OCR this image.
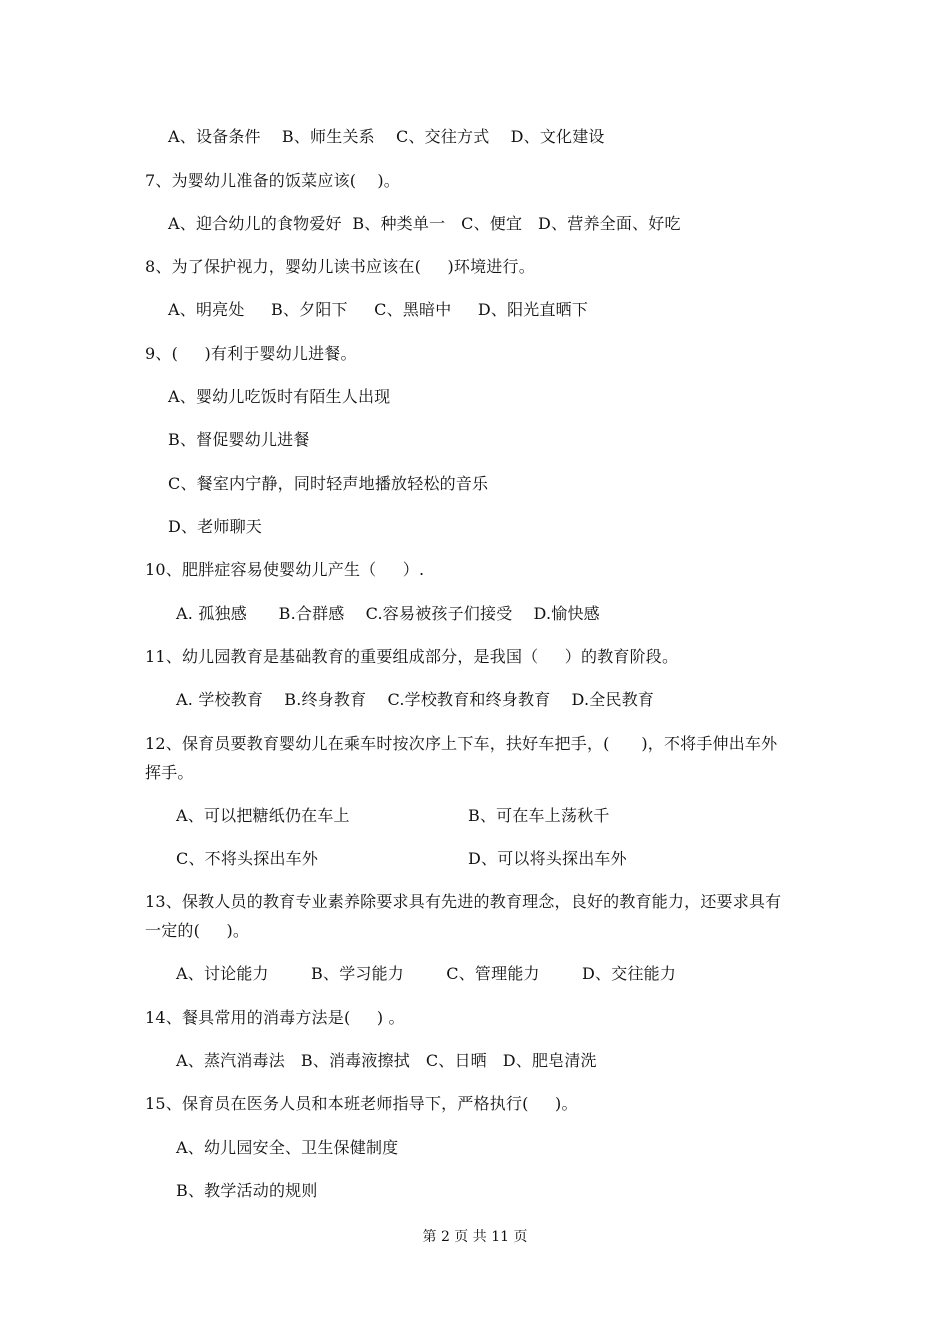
A、设备条件    B、师生关系    C、交往方式    D、文化建设
7、为婴幼儿准备的饭菜应该(    )。
A、迎合幼儿的食物爱好  B、种类单一   C、便宜   D、营养全面、好吃
8、为了保护视力，婴幼儿读书应该在(     )环境进行。
A、明亮处     B、夕阳下     C、黑暗中     D、阳光直晒下
9、(     )有利于婴幼儿进餐。
A、婴幼儿吃饭时有陌生人出现
B、督促婴幼儿进餐
C、餐室内宁静，同时轻声地播放轻松的音乐
D、老师聊天
10、肥胖症容易使婴幼儿产生（     ）.
A. 孤独感      B.合群感    C.容易被孩子们接受    D.愉快感
11、幼儿园教育是基础教育的重要组成部分，是我国（     ）的教育阶段。
A. 学校教育    B.终身教育    C.学校教育和终身教育    D.全民教育
12、保育员要教育婴幼儿在乘车时按次序上下车，扶好车把手，(      )，不将手伸出车外
挥手。
A、可以把糖纸仍在车上	B、可在车上荡秋千
C、不将头探出车外	D、可以将头探出车外
13、保教人员的教育专业素养除要求具有先进的教育理念，良好的教育能力，还要求具有
一定的(     )。
A、讨论能力        B、学习能力        C、管理能力        D、交往能力
14、餐具常用的消毒方法是(     ) 。
A、蒸汽消毒法   B、消毒液擦拭   C、日晒   D、肥皂清洗
15、保育员在医务人员和本班老师指导下，严格执行(     )。
A、幼儿园安全、卫生保健制度
B、教学活动的规则
第 2 页 共 11 页
